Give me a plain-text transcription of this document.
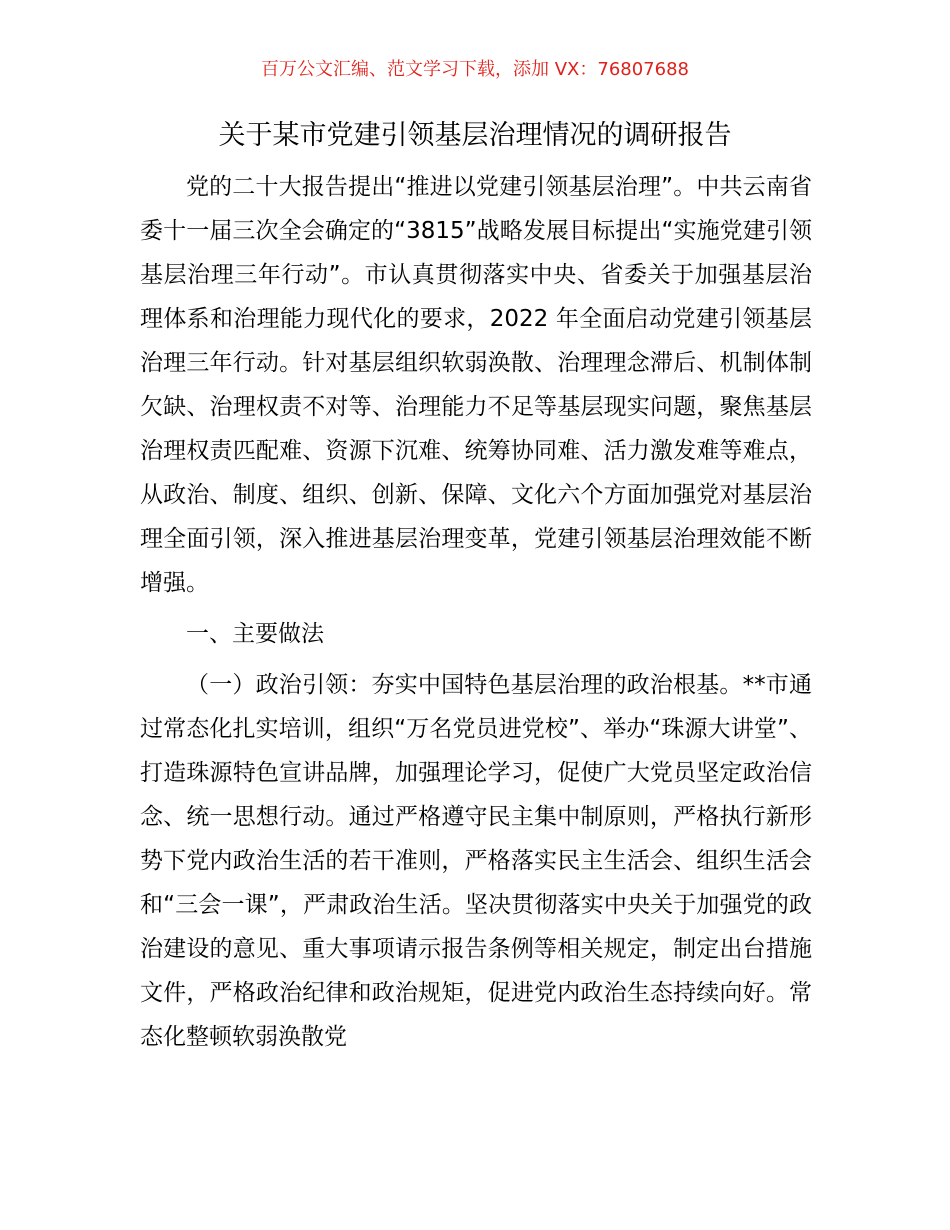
百万公文汇编、范文学习下载，添加 VX：76807688
关于某市党建引领基层治理情况的调研报告

党的二十大报告提出“推进以党建引领基层治理”。中共云南省委十一届三次全会确定的“3815”战略发展目标提出“实施党建引领基层治理三年行动”。市认真贯彻落实中央、省委关于加强基层治理体系和治理能力现代化的要求，2022 年全面启动党建引领基层治理三年行动。针对基层组织软弱涣散、治理理念滞后、机制体制欠缺、治理权责不对等、治理能力不足等基层现实问题，聚焦基层治理权责匹配难、资源下沉难、统筹协同难、活力激发难等难点，从政治、制度、组织、创新、保障、文化六个方面加强党对基层治理全面引领，深入推进基层治理变革，党建引领基层治理效能不断增强。

一、主要做法

（一）政治引领：夯实中国特色基层治理的政治根基。**市通过常态化扎实培训，组织“万名党员进党校”、举办“珠源大讲堂”、打造珠源特色宣讲品牌，加强理论学习，促使广大党员坚定政治信念、统一思想行动。通过严格遵守民主集中制原则，严格执行新形势下党内政治生活的若干准则，严格落实民主生活会、组织生活会和“三会一课”，严肃政治生活。坚决贯彻落实中央关于加强党的政治建设的意见、重大事项请示报告条例等相关规定，制定出台措施文件，严格政治纪律和政治规矩，促进党内政治生态持续向好。常态化整顿软弱涣散党
